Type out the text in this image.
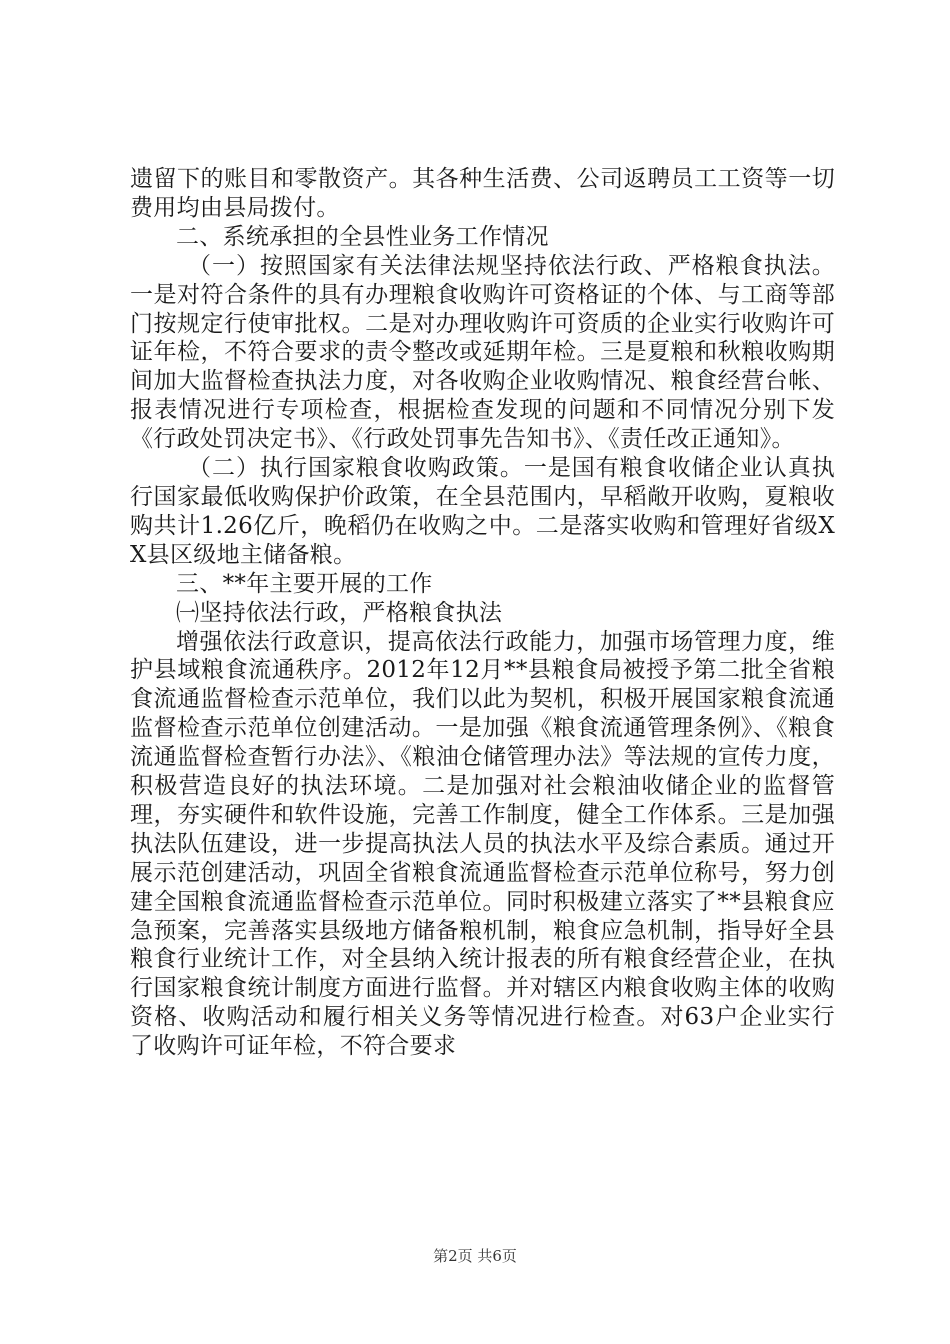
遗留下的账目和零散资产。其各种生活费、公司返聘员工工资等一切费用均由县局拨付。

二、系统承担的全县性业务工作情况

（一）按照国家有关法律法规坚持依法行政、严格粮食执法。一是对符合条件的具有办理粮食收购许可资格证的个体、与工商等部门按规定行使审批权。二是对办理收购许可资质的企业实行收购许可证年检，不符合要求的责令整改或延期年检。三是夏粮和秋粮收购期间加大监督检查执法力度，对各收购企业收购情况、粮食经营台帐、报表情况进行专项检查，根据检查发现的问题和不同情况分别下发《行政处罚决定书》、《行政处罚事先告知书》、《责任改正通知》。

（二）执行国家粮食收购政策。一是国有粮食收储企业认真执行国家最低收购保护价政策，在全县范围内，早稻敞开收购，夏粮收购共计1.26亿斤，晚稻仍在收购之中。二是落实收购和管理好省级XX县区级地主储备粮。

三、**年主要开展的工作

㈠坚持依法行政，严格粮食执法

增强依法行政意识，提高依法行政能力，加强市场管理力度，维护县域粮食流通秩序。2012年12月**县粮食局被授予第二批全省粮食流通监督检查示范单位，我们以此为契机，积极开展国家粮食流通监督检查示范单位创建活动。一是加强《粮食流通管理条例》、《粮食流通监督检查暂行办法》、《粮油仓储管理办法》等法规的宣传力度，积极营造良好的执法环境。二是加强对社会粮油收储企业的监督管理，夯实硬件和软件设施，完善工作制度，健全工作体系。三是加强执法队伍建设，进一步提高执法人员的执法水平及综合素质。通过开展示范创建活动，巩固全省粮食流通监督检查示范单位称号，努力创建全国粮食流通监督检查示范单位。同时积极建立落实了**县粮食应急预案，完善落实县级地方储备粮机制，粮食应急机制，指导好全县粮食行业统计工作，对全县纳入统计报表的所有粮食经营企业，在执行国家粮食统计制度方面进行监督。并对辖区内粮食收购主体的收购资格、收购活动和履行相关义务等情况进行检查。对63户企业实行了收购许可证年检，不符合要求

第2页 共6页
